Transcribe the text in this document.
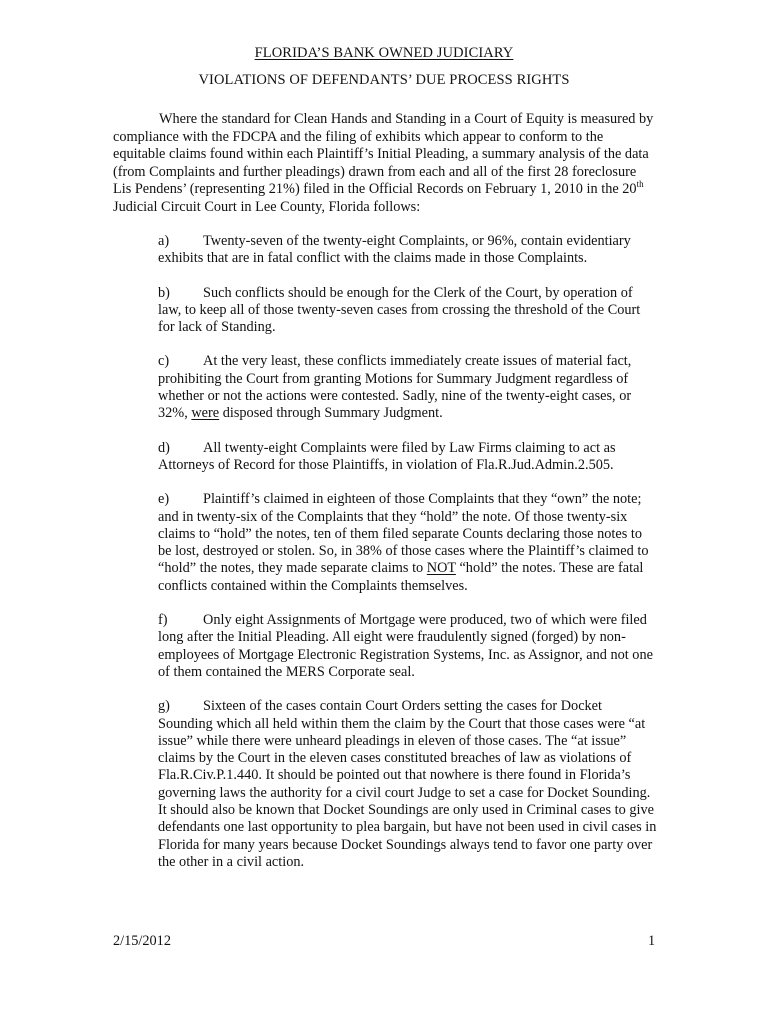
FLORIDA’S BANK OWNED JUDICIARY
VIOLATIONS OF DEFENDANTS’ DUE PROCESS RIGHTS
Where the standard for Clean Hands and Standing in a Court of Equity is measured by compliance with the FDCPA and the filing of exhibits which appear to conform to the equitable claims found within each Plaintiff’s Initial Pleading, a summary analysis of the data (from Complaints and further pleadings) drawn from each and all of the first 28 foreclosure Lis Pendens’ (representing 21%) filed in the Official Records on February 1, 2010 in the 20th Judicial Circuit Court in Lee County, Florida follows:
a) Twenty-seven of the twenty-eight Complaints, or 96%, contain evidentiary exhibits that are in fatal conflict with the claims made in those Complaints.
b) Such conflicts should be enough for the Clerk of the Court, by operation of law, to keep all of those twenty-seven cases from crossing the threshold of the Court for lack of Standing.
c) At the very least, these conflicts immediately create issues of material fact, prohibiting the Court from granting Motions for Summary Judgment regardless of whether or not the actions were contested. Sadly, nine of the twenty-eight cases, or 32%, were disposed through Summary Judgment.
d) All twenty-eight Complaints were filed by Law Firms claiming to act as Attorneys of Record for those Plaintiffs, in violation of Fla.R.Jud.Admin.2.505.
e) Plaintiff’s claimed in eighteen of those Complaints that they “own” the note; and in twenty-six of the Complaints that they “hold” the note. Of those twenty-six claims to “hold” the notes, ten of them filed separate Counts declaring those notes to be lost, destroyed or stolen. So, in 38% of those cases where the Plaintiff’s claimed to “hold” the notes, they made separate claims to NOT “hold” the notes. These are fatal conflicts contained within the Complaints themselves.
f) Only eight Assignments of Mortgage were produced, two of which were filed long after the Initial Pleading. All eight were fraudulently signed (forged) by non-employees of Mortgage Electronic Registration Systems, Inc. as Assignor, and not one of them contained the MERS Corporate seal.
g) Sixteen of the cases contain Court Orders setting the cases for Docket Sounding which all held within them the claim by the Court that those cases were “at issue” while there were unheard pleadings in eleven of those cases. The “at issue” claims by the Court in the eleven cases constituted breaches of law as violations of Fla.R.Civ.P.1.440. It should be pointed out that nowhere is there found in Florida’s governing laws the authority for a civil court Judge to set a case for Docket Sounding. It should also be known that Docket Soundings are only used in Criminal cases to give defendants one last opportunity to plea bargain, but have not been used in civil cases in Florida for many years because Docket Soundings always tend to favor one party over the other in a civil action.
2/15/2012	1
